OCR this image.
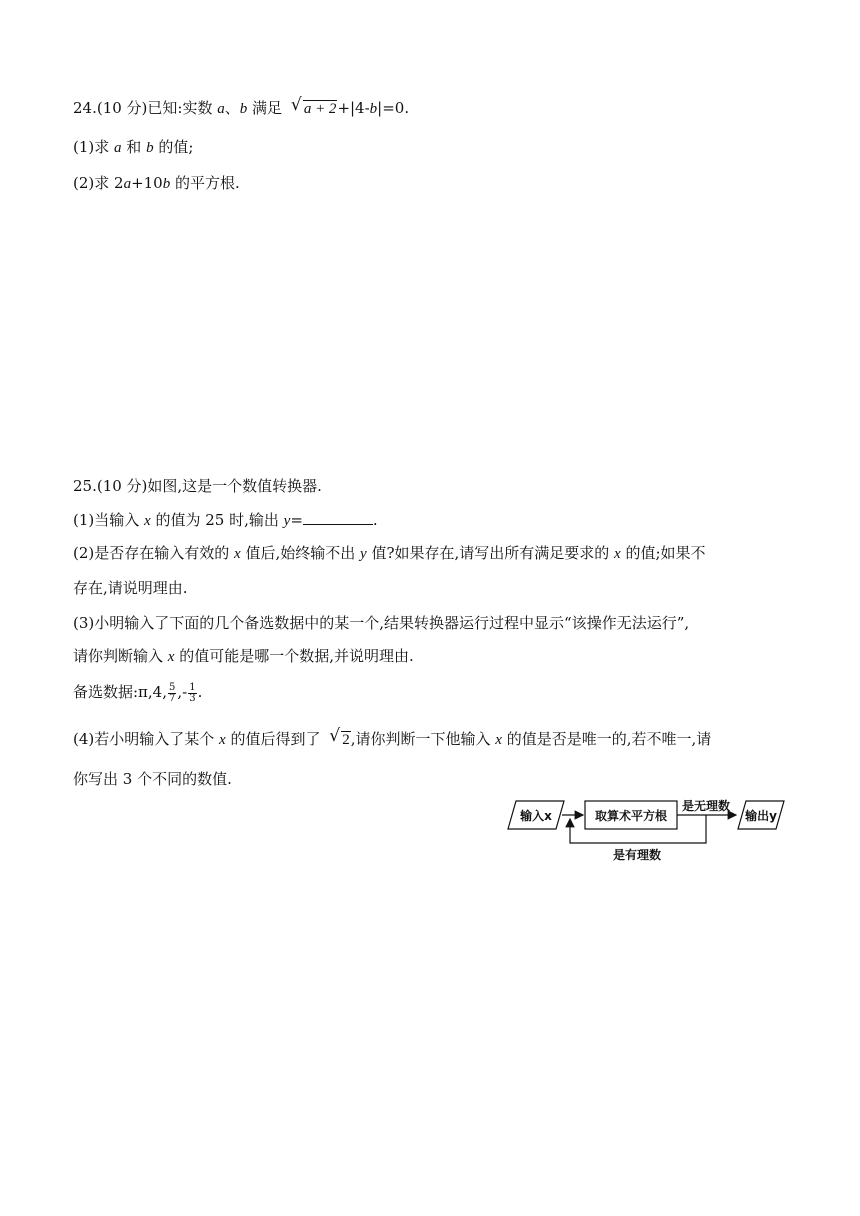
24.(10 分)已知:实数 a、b 满足 √ a + 2+|4-b|=0.
(1)求 a 和 b 的值;
(2)求 2a+10b 的平方根.
25.(10 分)如图,这是一个数值转换器.
(1)当输入 x 的值为 25 时,输出 y=	.
(2)是否存在输入有效的 x 值后,始终输不出 y 值?如果存在,请写出所有满足要求的 x 的值;如果不
存在,请说明理由.
(3)小明输入了下面的几个备选数据中的某一个,结果转换器运行过程中显示“该操作无法运行”,
请你判断输入 x 的值可能是哪一个数据,并说明理由.
备选数据:π,4, $\frac{5}{7}$ ,- $\frac{1}{3}$ .
(4)若小明输入了某个 x 的值后得到了 √ 2,请你判断一下他输入 x 的值是否是唯一的,若不唯一,请
你写出 3 个不同的数值.
输入x	取算术平方根
是无理数
输出y
是有理数
